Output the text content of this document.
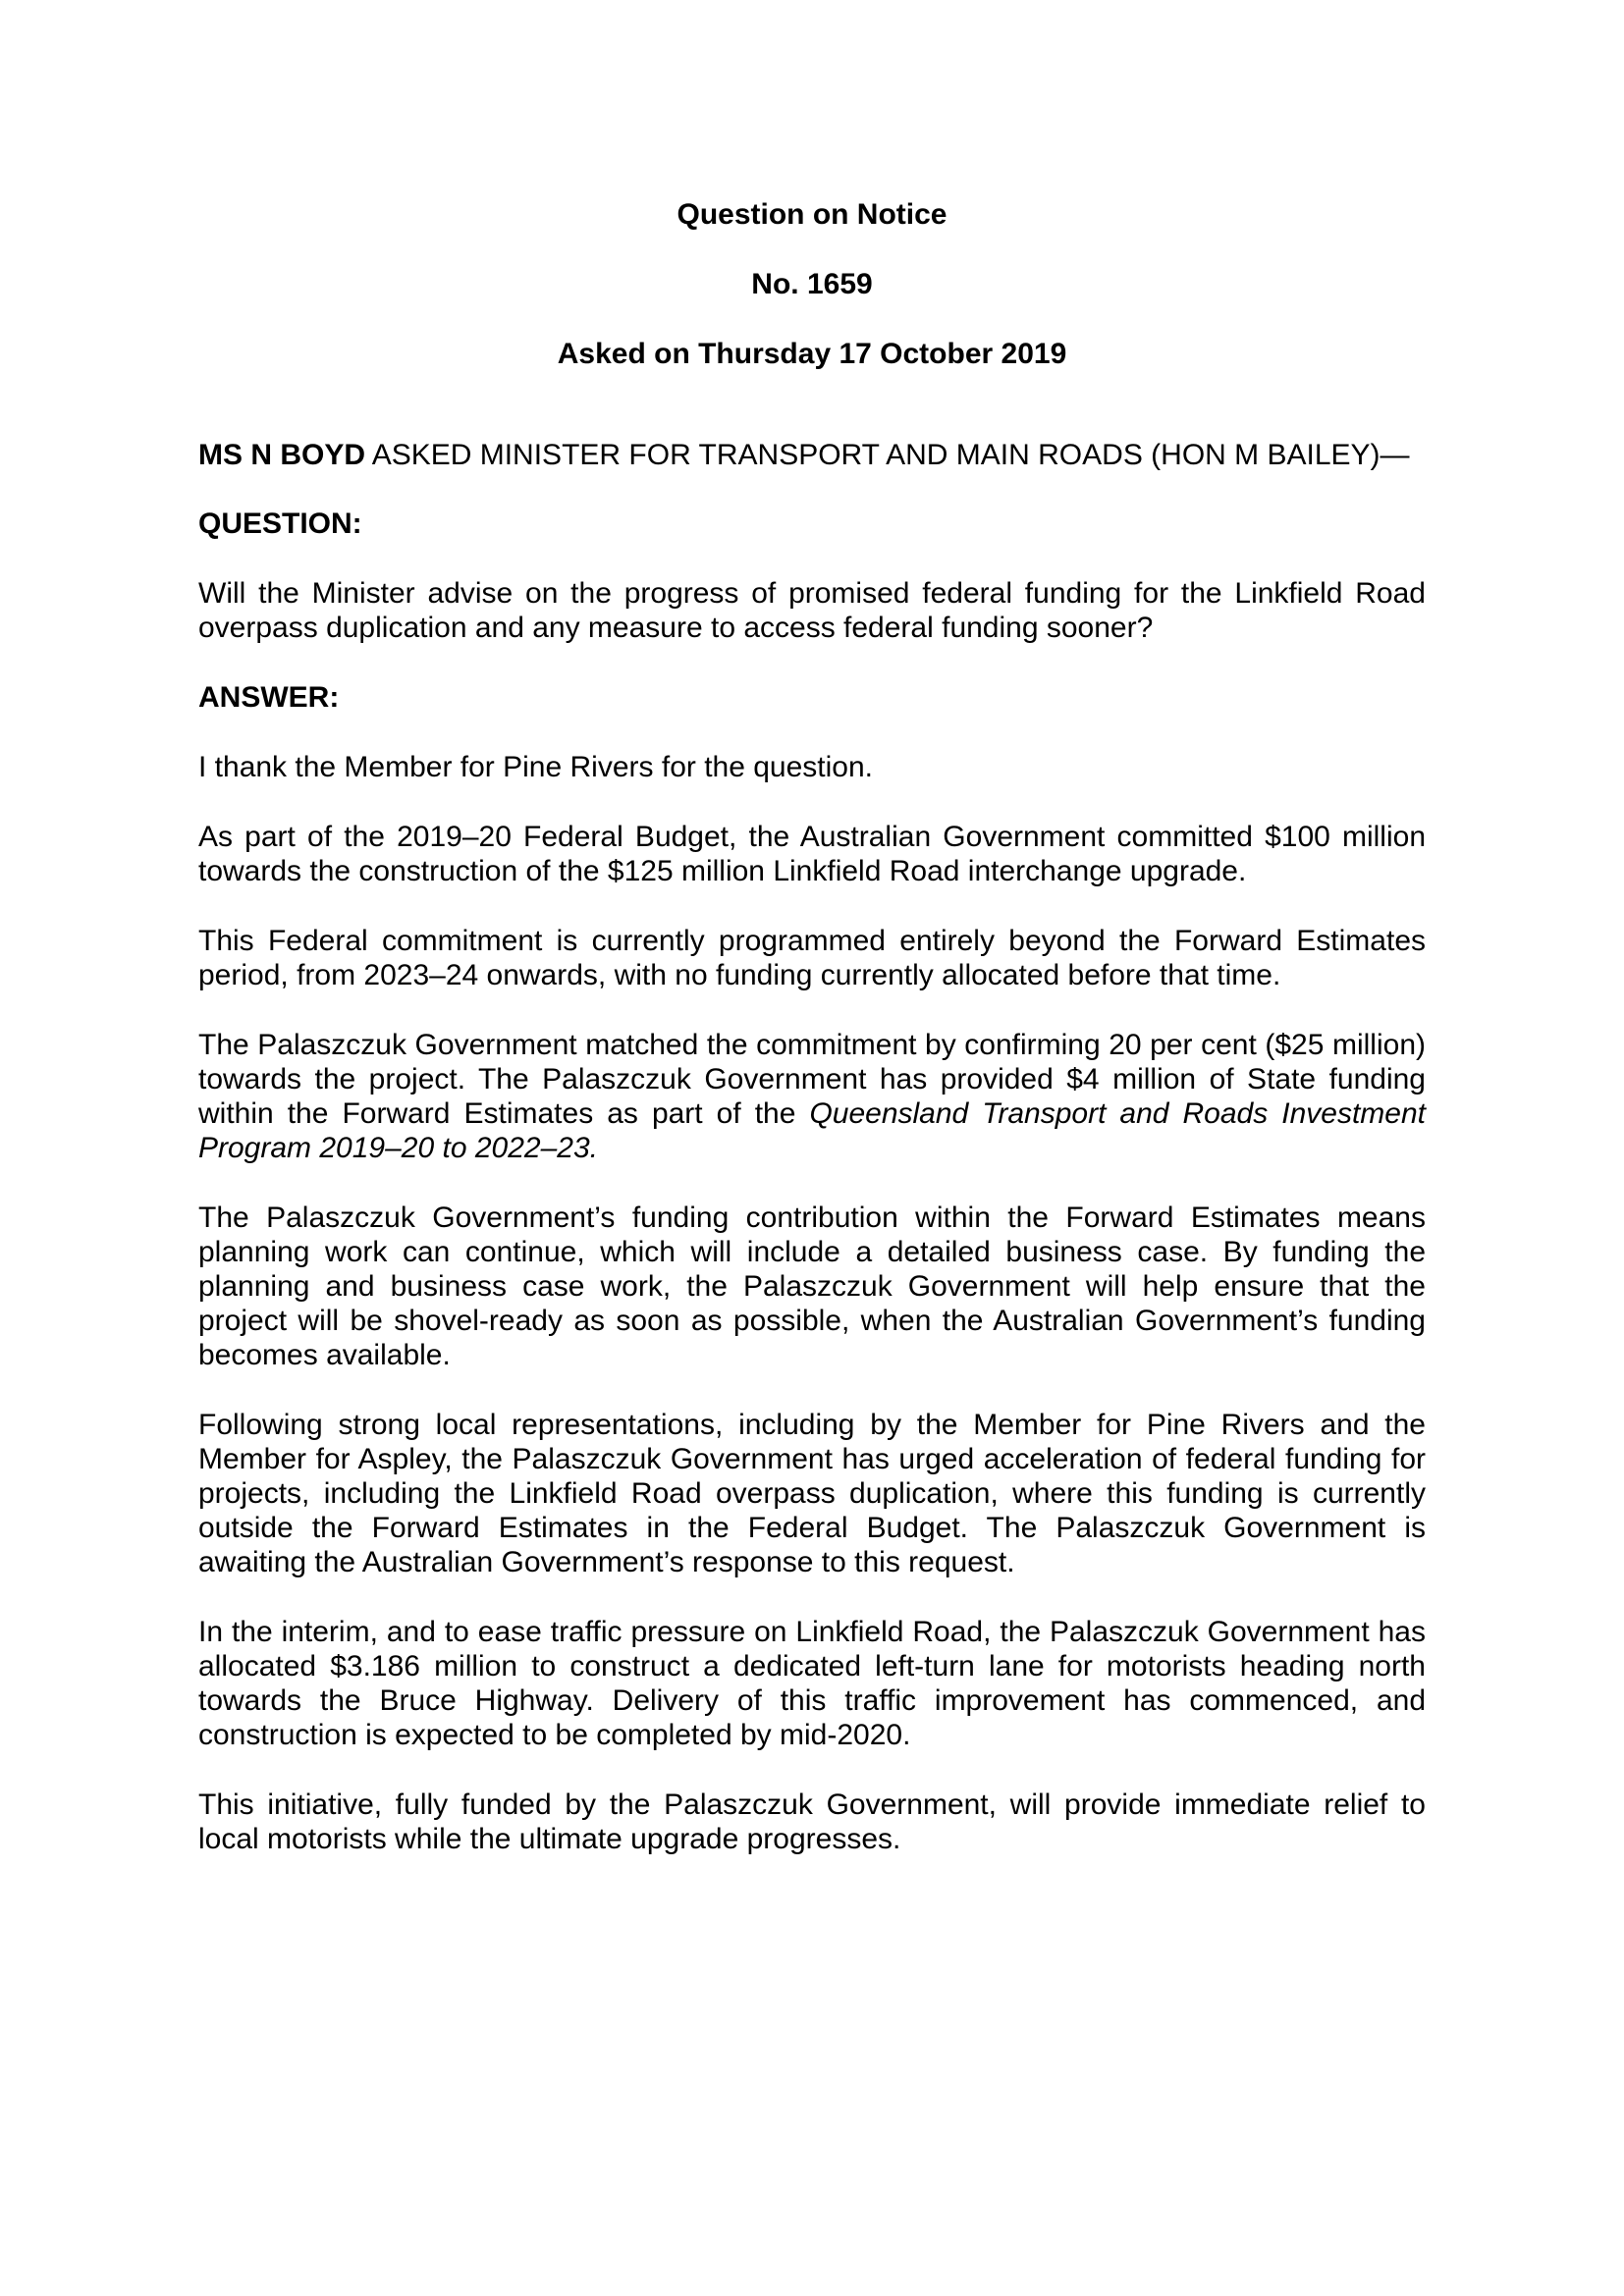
Question on Notice
No. 1659
Asked on Thursday 17 October 2019

MS N BOYD ASKED MINISTER FOR TRANSPORT AND MAIN ROADS (HON M BAILEY)—

QUESTION:

Will the Minister advise on the progress of promised federal funding for the Linkfield Road overpass duplication and any measure to access federal funding sooner?

ANSWER:

I thank the Member for Pine Rivers for the question.

As part of the 2019–20 Federal Budget, the Australian Government committed $100 million towards the construction of the $125 million Linkfield Road interchange upgrade.

This Federal commitment is currently programmed entirely beyond the Forward Estimates period, from 2023–24 onwards, with no funding currently allocated before that time.

The Palaszczuk Government matched the commitment by confirming 20 per cent ($25 million) towards the project. The Palaszczuk Government has provided $4 million of State funding within the Forward Estimates as part of the Queensland Transport and Roads Investment Program 2019–20 to 2022–23.

The Palaszczuk Government’s funding contribution within the Forward Estimates means planning work can continue, which will include a detailed business case. By funding the planning and business case work, the Palaszczuk Government will help ensure that the project will be shovel-ready as soon as possible, when the Australian Government’s funding becomes available.

Following strong local representations, including by the Member for Pine Rivers and the Member for Aspley, the Palaszczuk Government has urged acceleration of federal funding for projects, including the Linkfield Road overpass duplication, where this funding is currently outside the Forward Estimates in the Federal Budget. The Palaszczuk Government is awaiting the Australian Government’s response to this request.

In the interim, and to ease traffic pressure on Linkfield Road, the Palaszczuk Government has allocated $3.186 million to construct a dedicated left-turn lane for motorists heading north towards the Bruce Highway. Delivery of this traffic improvement has commenced, and construction is expected to be completed by mid-2020.

This initiative, fully funded by the Palaszczuk Government, will provide immediate relief to local motorists while the ultimate upgrade progresses.
